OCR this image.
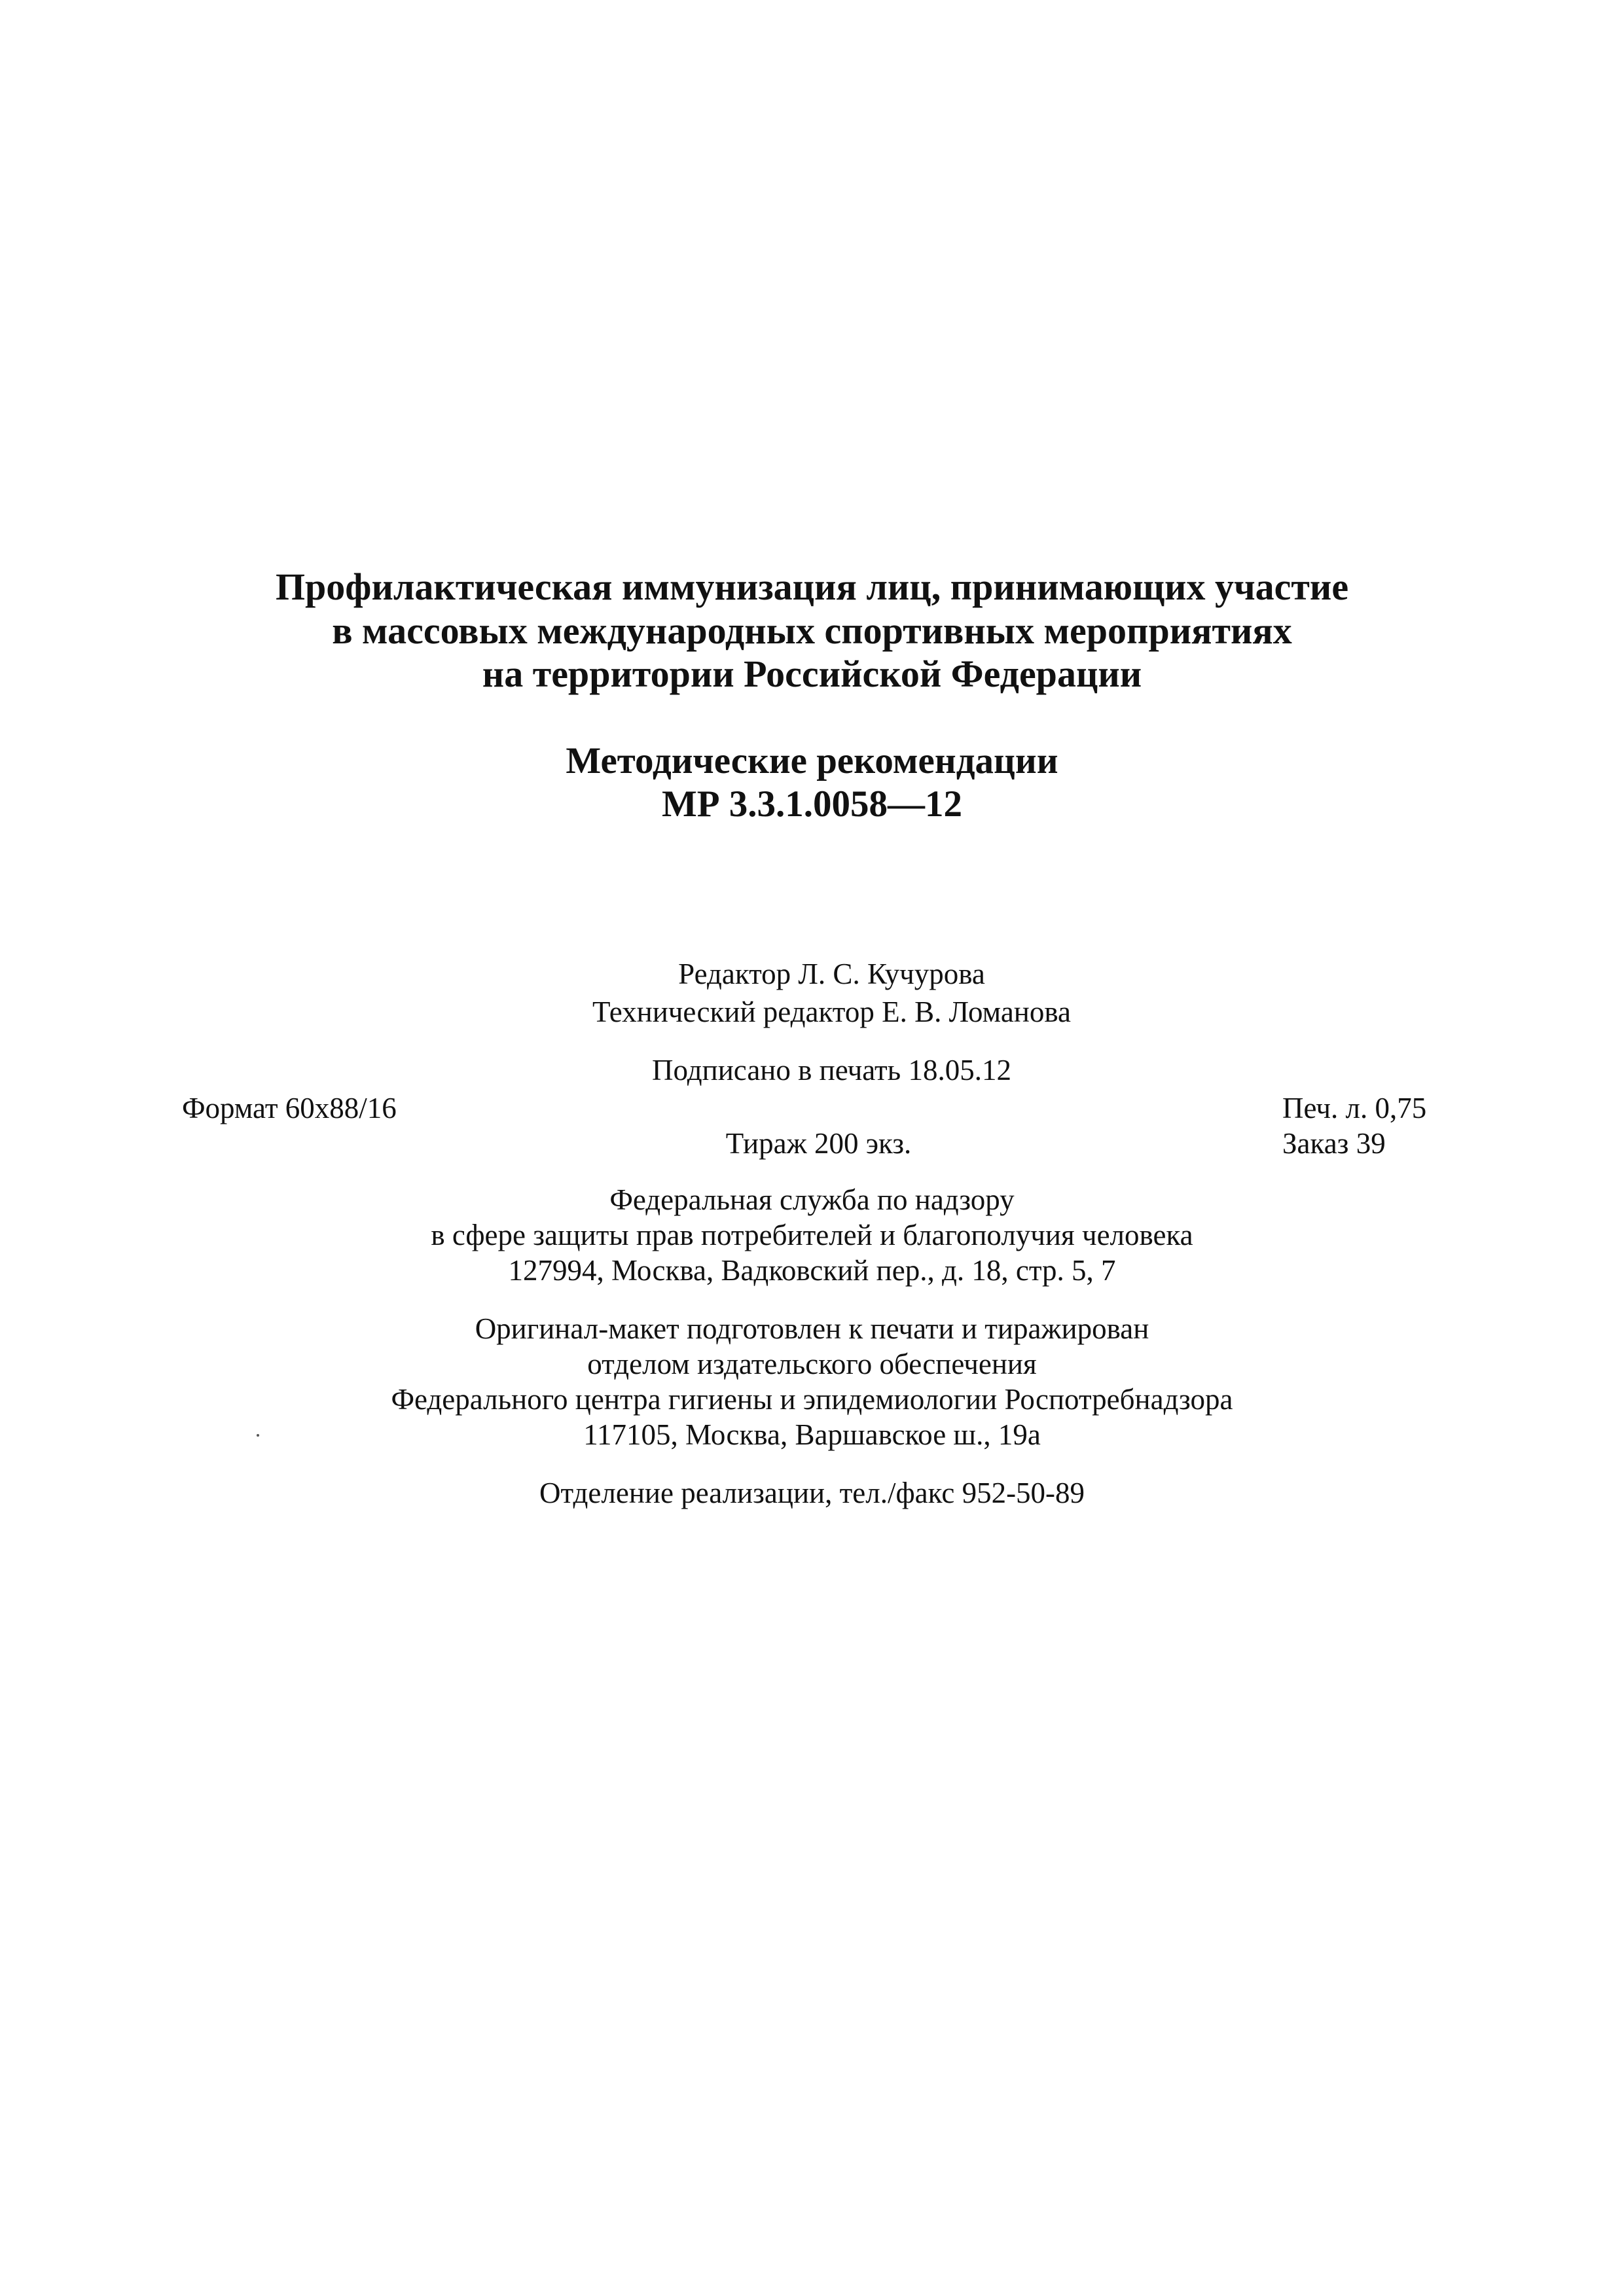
Профилактическая иммунизация лиц, принимающих участие
в массовых международных спортивных мероприятиях
на территории Российской Федерации
Методические рекомендации
МР 3.3.1.0058—12
Редактор Л. С. Кучурова
Технический редактор Е. В. Ломанова
Подписано в печать 18.05.12
Формат 60x88/16	Печ. л. 0,75
Тираж 200 экз.	Заказ 39
Федеральная служба по надзору
в сфере защиты прав потребителей и благополучия человека
127994, Москва, Вадковский пер., д. 18, стр. 5, 7
Оригинал-макет подготовлен к печати и тиражирован
отделом издательского обеспечения
Федерального центра гигиены и эпидемиологии Роспотребнадзора
117105, Москва, Варшавское ш., 19а
Отделение реализации, тел./факс 952-50-89
